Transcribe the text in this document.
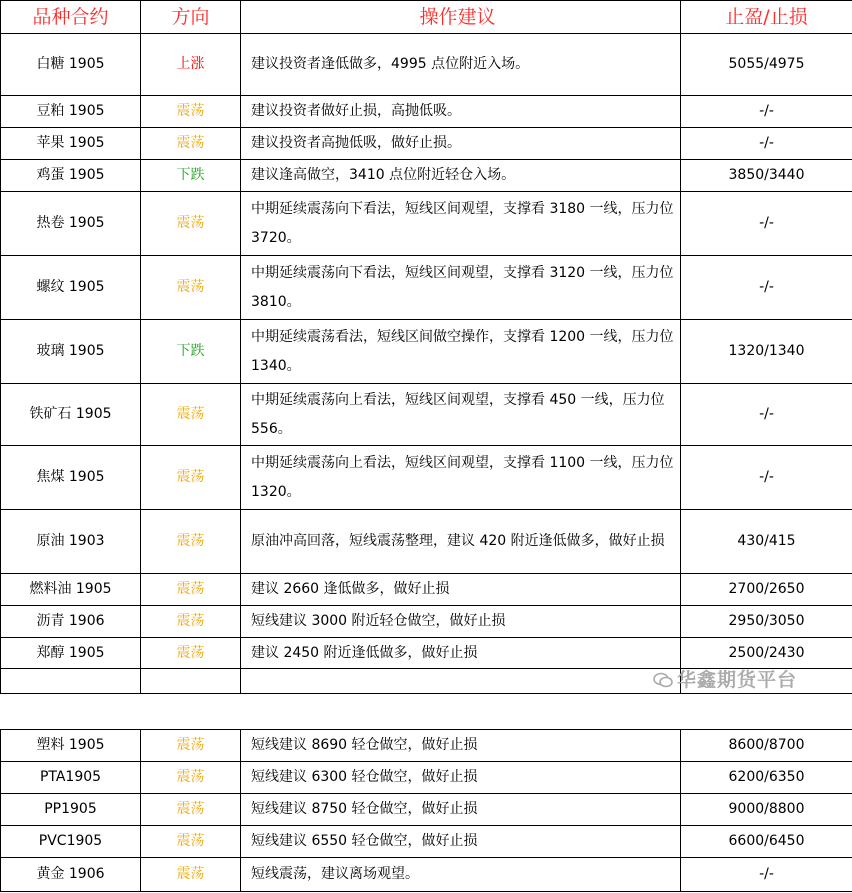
品种合约	方向	操作建议	止盈/止损
白糖 1905	上涨	建议投资者逢低做多，4995 点位附近入场。	5055/4975
豆粕 1905	震荡	建议投资者做好止损，高抛低吸。	-/-
苹果 1905	震荡	建议投资者高抛低吸，做好止损。	-/-
鸡蛋 1905	下跌	建议逢高做空，3410 点位附近轻仓入场。	3850/3440
热卷 1905	震荡	中期延续震荡向下看法，短线区间观望，支撑看 3180 一线，压力位 3720。	-/-
螺纹 1905	震荡	中期延续震荡向下看法，短线区间观望，支撑看 3120 一线，压力位 3810。	-/-
玻璃 1905	下跌	中期延续震荡看法，短线区间做空操作，支撑看 1200 一线，压力位 1340。	1320/1340
铁矿石 1905	震荡	中期延续震荡向上看法，短线区间观望，支撑看 450 一线，压力位 556。	-/-
焦煤 1905	震荡	中期延续震荡向上看法，短线区间观望，支撑看 1100 一线，压力位 1320。	-/-
原油 1903	震荡	原油冲高回落，短线震荡整理，建议 420 附近逢低做多，做好止损	430/415
燃料油 1905	震荡	建议 2660 逢低做多，做好止损	2700/2650
沥青 1906	震荡	短线建议 3000 附近轻仓做空，做好止损	2950/3050
郑醇 1905	震荡	建议 2450 附近逢低做多，做好止损	2500/2430

塑料 1905	震荡	短线建议 8690 轻仓做空，做好止损	8600/8700
PTA1905	震荡	短线建议 6300 轻仓做空，做好止损	6200/6350
PP1905	震荡	短线建议 8750 轻仓做空，做好止损	9000/8800
PVC1905	震荡	短线建议 6550 轻仓做空，做好止损	6600/6450
黄金 1906	震荡	短线震荡，建议离场观望。	-/-
华鑫期货平台
